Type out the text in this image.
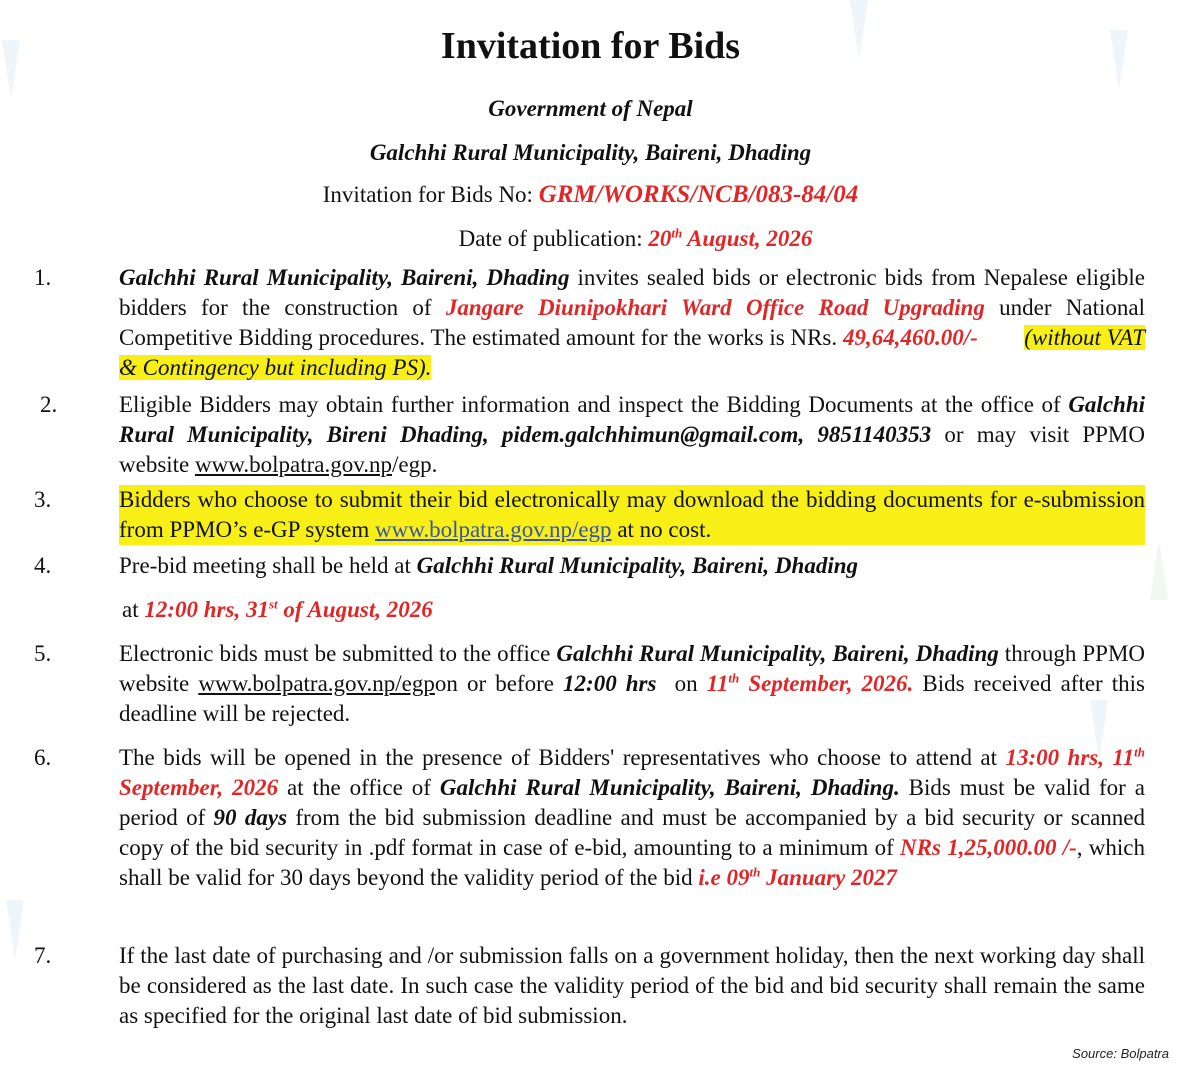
Invitation for Bids
Government of Nepal
Galchhi Rural Municipality, Baireni, Dhading
Invitation for Bids No: GRM/WORKS/NCB/083-84/04
Date of publication: 20th August, 2026
1.	Galchhi Rural Municipality, Baireni, Dhading invites sealed bids or electronic bids from Nepalese eligible bidders for the construction of Jangare Diunipokhari Ward Office Road Upgrading under National Competitive Bidding procedures. The estimated amount for the works is NRs. 49,64,460.00/- (without VAT & Contingency but including PS).

2.	Eligible Bidders may obtain further information and inspect the Bidding Documents at the office of Galchhi Rural Municipality, Bireni Dhading, pidem.galchhimun@gmail.com, 9851140353 or may visit PPMO website www.bolpatra.gov.np/egp.

3.	Bidders who choose to submit their bid electronically may download the bidding documents for e-submission from PPMO’s e-GP system www.bolpatra.gov.np/egp at no cost.

4.	Pre-bid meeting shall be held at Galchhi Rural Municipality, Baireni, Dhading

at 12:00 hrs, 31st of August, 2026

5.	Electronic bids must be submitted to the office Galchhi Rural Municipality, Baireni, Dhading through PPMO website www.bolpatra.gov.np/egpon or before 12:00 hrs  on 11th September, 2026. Bids received after this deadline will be rejected.

6.	The bids will be opened in the presence of Bidders' representatives who choose to attend at 13:00 hrs, 11th September, 2026 at the office of Galchhi Rural Municipality, Baireni, Dhading. Bids must be valid for a period of 90 days from the bid submission deadline and must be accompanied by a bid security or scanned copy of the bid security in .pdf format in case of e-bid, amounting to a minimum of NRs 1,25,000.00 /-, which shall be valid for 30 days beyond the validity period of the bid i.e 09th January 2027

7.	If the last date of purchasing and /or submission falls on a government holiday, then the next working day shall be considered as the last date. In such case the validity period of the bid and bid security shall remain the same as specified for the original last date of bid submission.

Source: Bolpatra
